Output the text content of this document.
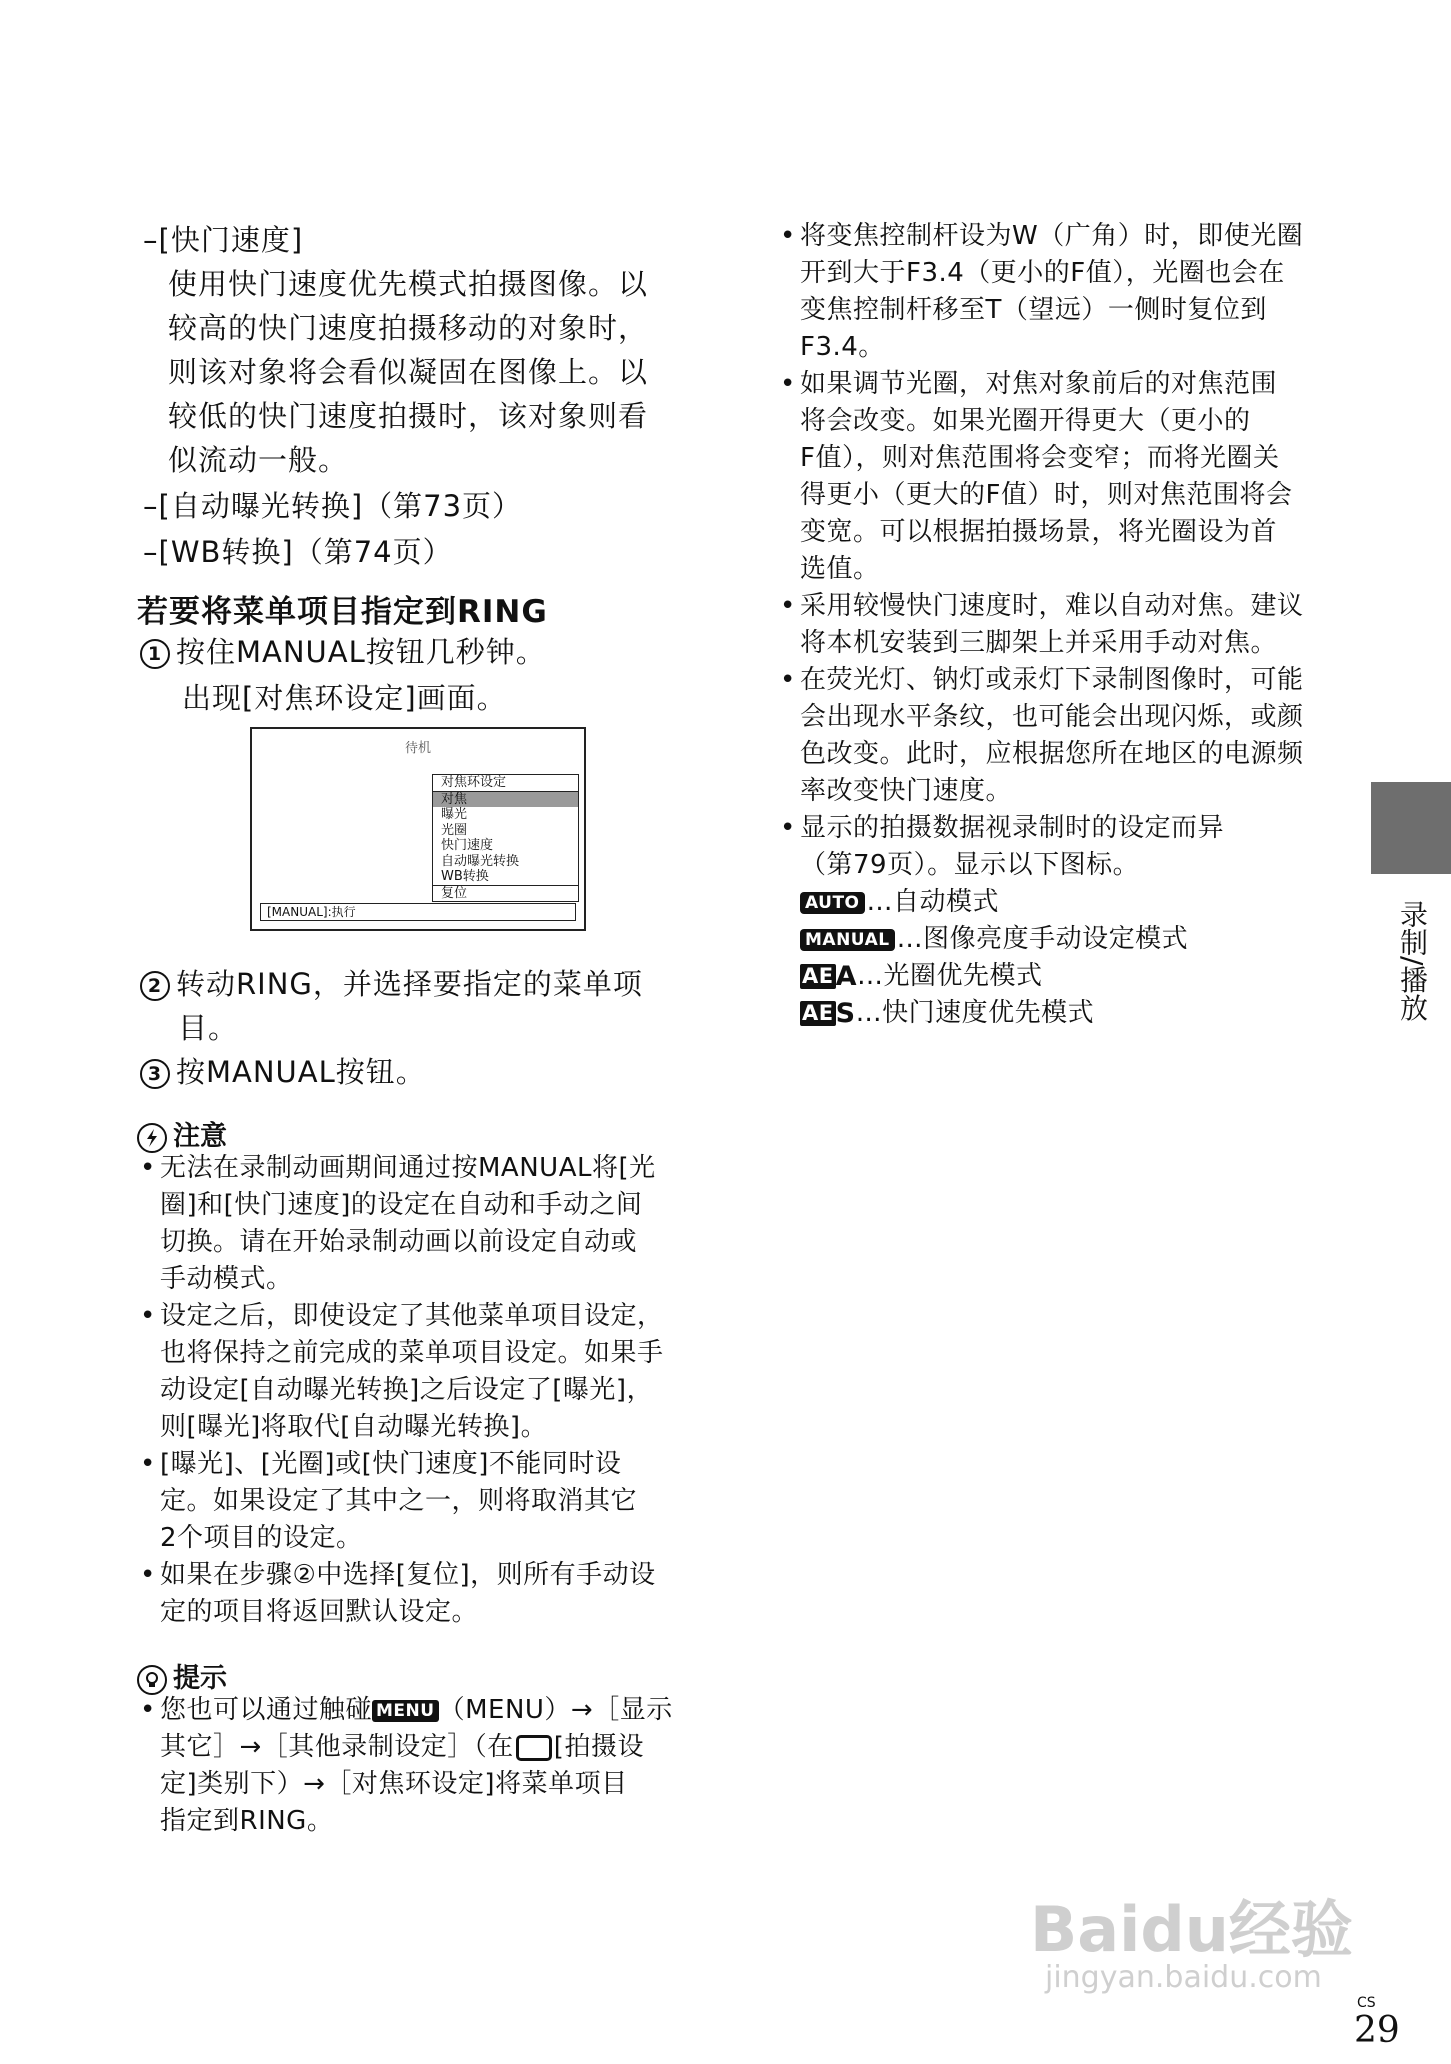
–[快门速度]
使用快门速度优先模式拍摄图像。以
较高的快门速度拍摄移动的对象时，
则该对象将会看似凝固在图像上。以
较低的快门速度拍摄时，该对象则看
似流动一般。
–[自动曝光转换]（第73页）
–[WB转换]（第74页）
若要将菜单项目指定到RING
1 按住MANUAL按钮几秒钟。
出现[对焦环设定]画面。
待机
对焦环设定
对焦
曝光
光圈
快门速度
自动曝光转换
WB转换
复位
[MANUAL]:执行
2 转动RING，并选择要指定的菜单项
目。
3 按MANUAL按钮。
注意
• 无法在录制动画期间通过按MANUAL将[光
圈]和[快门速度]的设定在自动和手动之间
切换。请在开始录制动画以前设定自动或
手动模式。
• 设定之后，即使设定了其他菜单项目设定，
也将保持之前完成的菜单项目设定。如果手
动设定[自动曝光转换]之后设定了[曝光]，
则[曝光]将取代[自动曝光转换]。
• [曝光]、[光圈]或[快门速度]不能同时设
定。如果设定了其中之一，则将取消其它
2个项目的设定。
• 如果在步骤②中选择[复位]，则所有手动设
定的项目将返回默认设定。
提示
• 您也可以通过触碰 MENU （MENU）→［显示
其它］→［其他录制设定］（在 [拍摄设
定]类别下）→［对焦环设定]将菜单项目
指定到RING。
• 将变焦控制杆设为W（广角）时，即使光圈
开到大于F3.4（更小的F值），光圈也会在
变焦控制杆移至T（望远）一侧时复位到
F3.4。
• 如果调节光圈，对焦对象前后的对焦范围
将会改变。如果光圈开得更大（更小的
F值），则对焦范围将会变窄；而将光圈关
得更小（更大的F值）时，则对焦范围将会
变宽。可以根据拍摄场景，将光圈设为首
选值。
• 采用较慢快门速度时，难以自动对焦。建议
将本机安装到三脚架上并采用手动对焦。
• 在荧光灯、钠灯或汞灯下录制图像时，可能
会出现水平条纹，也可能会出现闪烁，或颜
色改变。此时，应根据您所在地区的电源频
率改变快门速度。
• 显示的拍摄数据视录制时的设定而异
（第79页）。显示以下图标。
AUTO …自动模式
MANUAL …图像亮度手动设定模式
AEA…光圈优先模式
AES…快门速度优先模式	录制/播放
Baidu经验
jingyan.baidu.com
CS
29
